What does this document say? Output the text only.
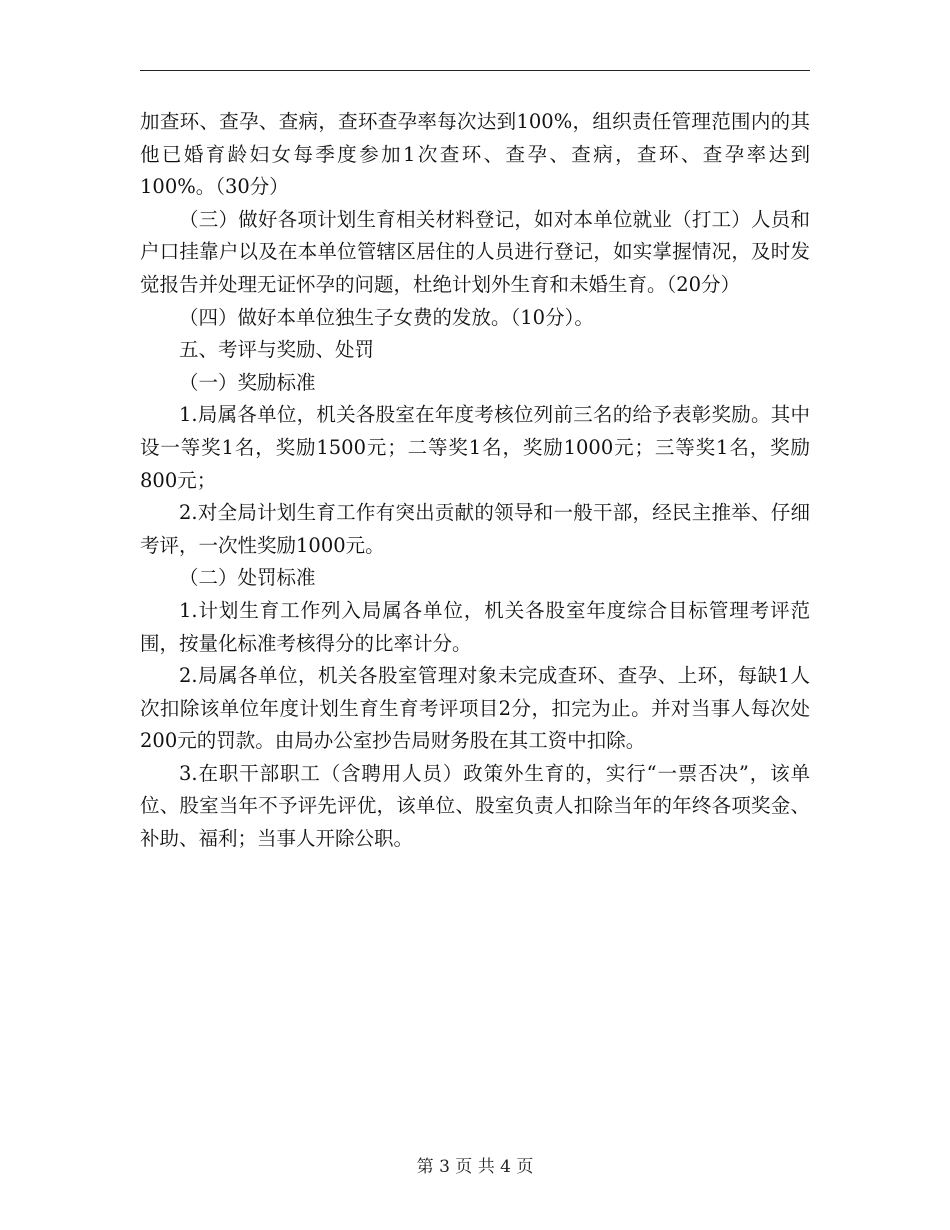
加查环、查孕、查病，查环查孕率每次达到100%，组织责任管理范围内的其他已婚育龄妇女每季度参加1次查环、查孕、查病，查环、查孕率达到100%。（30分）

（三）做好各项计划生育相关材料登记，如对本单位就业（打工）人员和户口挂靠户以及在本单位管辖区居住的人员进行登记，如实掌握情况，及时发觉报告并处理无证怀孕的问题，杜绝计划外生育和未婚生育。（20分）

（四）做好本单位独生子女费的发放。（10分）。

五、考评与奖励、处罚

（一）奖励标准

1.局属各单位，机关各股室在年度考核位列前三名的给予表彰奖励。其中设一等奖1名，奖励1500元；二等奖1名，奖励1000元；三等奖1名，奖励800元；

2.对全局计划生育工作有突出贡献的领导和一般干部，经民主推举、仔细考评，一次性奖励1000元。

（二）处罚标准

1.计划生育工作列入局属各单位，机关各股室年度综合目标管理考评范围，按量化标准考核得分的比率计分。

2.局属各单位，机关各股室管理对象未完成查环、查孕、上环，每缺1人次扣除该单位年度计划生育生育考评项目2分，扣完为止。并对当事人每次处200元的罚款。由局办公室抄告局财务股在其工资中扣除。

3.在职干部职工（含聘用人员）政策外生育的，实行“一票否决”，该单位、股室当年不予评先评优，该单位、股室负责人扣除当年的年终各项奖金、补助、福利；当事人开除公职。

第 3 页 共 4 页
